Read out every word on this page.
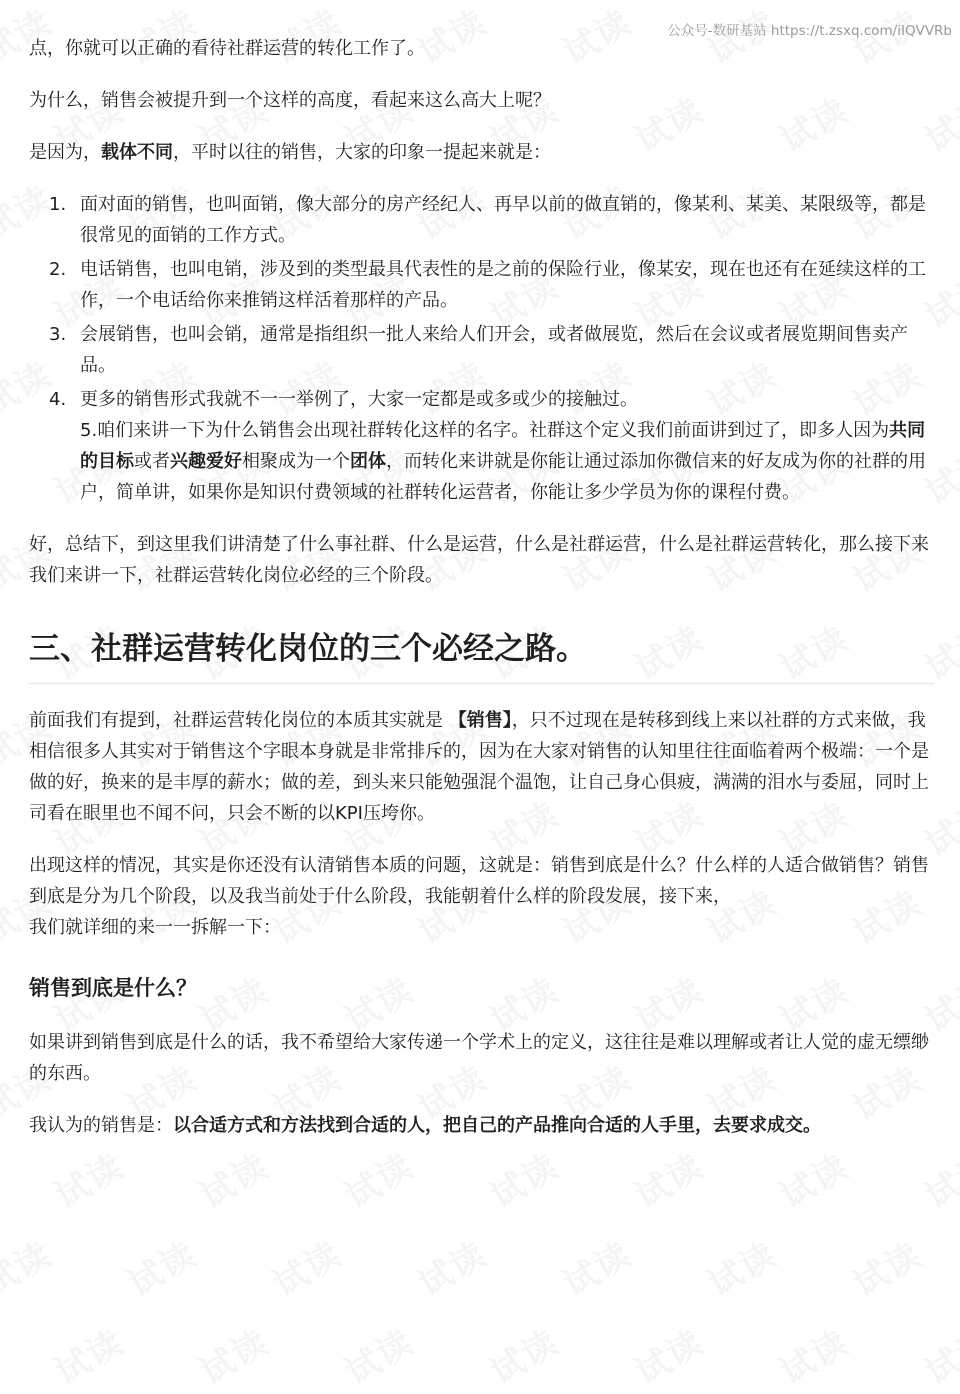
公众号-数研基站 https://t.zsxq.com/iIQVVRb

点，你就可以正确的看待社群运营的转化工作了。

为什么，销售会被提升到一个这样的高度，看起来这么高大上呢？

是因为，载体不同，平时以往的销售，大家的印象一提起来就是：

1. 面对面的销售，也叫面销，像大部分的房产经纪人、再早以前的做直销的，像某利、某美、某限级等，都是很常见的面销的工作方式。
2. 电话销售，也叫电销，涉及到的类型最具代表性的是之前的保险行业，像某安，现在也还有在延续这样的工作，一个电话给你来推销这样活着那样的产品。
3. 会展销售，也叫会销，通常是指组织一批人来给人们开会，或者做展览，然后在会议或者展览期间售卖产品。
4. 更多的销售形式我就不一一举例了，大家一定都是或多或少的接触过。

5.咱们来讲一下为什么销售会出现社群转化这样的名字。社群这个定义我们前面讲到过了，即多人因为共同的目标或者兴趣爱好相聚成为一个团体，而转化来讲就是你能让通过添加你微信来的好友成为你的社群的用户，简单讲，如果你是知识付费领域的社群转化运营者，你能让多少学员为你的课程付费。

好，总结下，到这里我们讲清楚了什么事社群、什么是运营，什么是社群运营，什么是社群运营转化，那么接下来我们来讲一下，社群运营转化岗位必经的三个阶段。

三、社群运营转化岗位的三个必经之路。

前面我们有提到，社群运营转化岗位的本质其实就是 【销售】，只不过现在是转移到线上来以社群的方式来做，我相信很多人其实对于销售这个字眼本身就是非常排斥的，因为在大家对销售的认知里往往面临着两个极端：一个是做的好，换来的是丰厚的薪水；做的差，到头来只能勉强混个温饱，让自己身心俱疲，满满的泪水与委屈，同时上司看在眼里也不闻不问，只会不断的以KPI压垮你。

出现这样的情况，其实是你还没有认清销售本质的问题，这就是：销售到底是什么？什么样的人适合做销售？销售到底是分为几个阶段，以及我当前处于什么阶段，我能朝着什么样的阶段发展，接下来，

我们就详细的来一一拆解一下：

销售到底是什么？

如果讲到销售到底是什么的话，我不希望给大家传递一个学术上的定义，这往往是难以理解或者让人觉的虚无缥缈的东西。

我认为的销售是：以合适方式和方法找到合适的人，把自己的产品推向合适的人手里，去要求成交。
